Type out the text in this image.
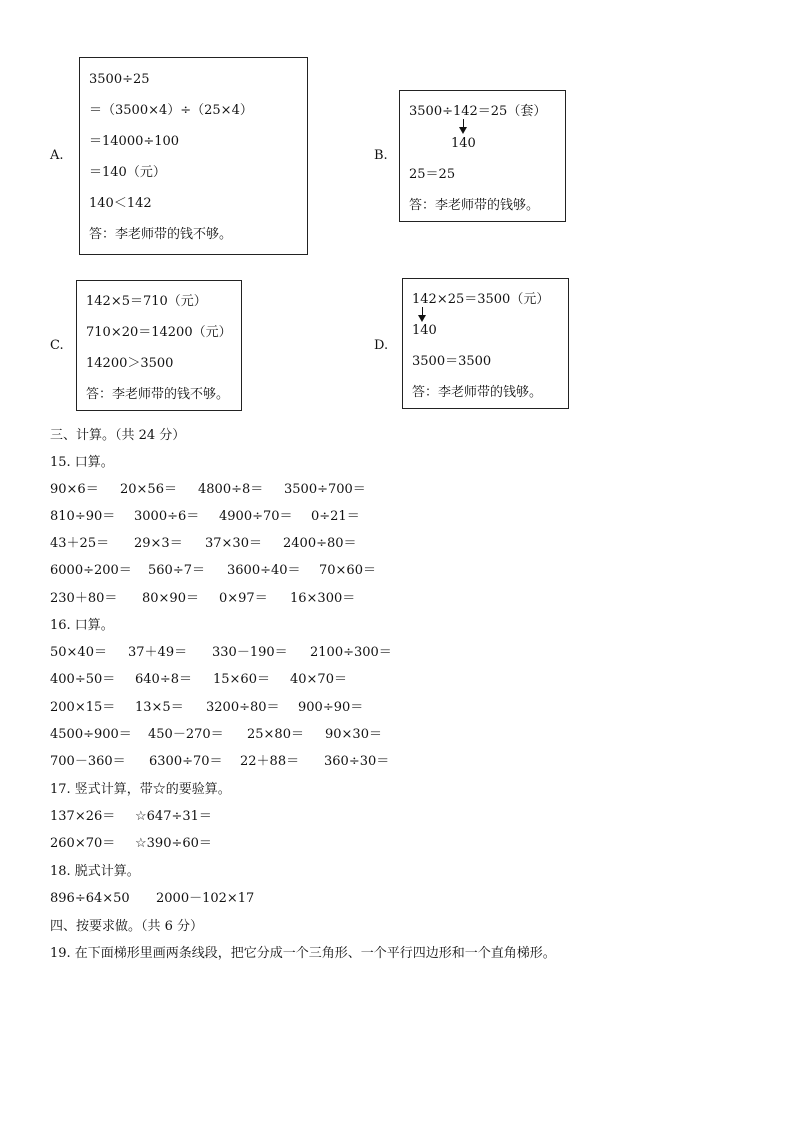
A.
3500÷25
＝（3500×4）÷（25×4）
＝14000÷100
＝140（元）
140＜142
答：李老师带的钱不够。
B.
3500÷142＝25（套）
140
25＝25
答：李老师带的钱够。
C.
142×5＝710（元）
710×20＝14200（元）
14200＞3500
答：李老师带的钱不够。
D.
142×25＝3500（元）
140
3500＝3500
答：李老师带的钱够。
三、计算。（共 24 分）
15. 口算。
90×6＝ 20×56＝ 4800÷8＝ 3500÷700＝
810÷90＝ 3000÷6＝ 4900÷70＝ 0÷21＝
43＋25＝ 29×3＝ 37×30＝ 2400÷80＝
6000÷200＝ 560÷7＝ 3600÷40＝ 70×60＝
230＋80＝ 80×90＝ 0×97＝ 16×300＝
16. 口算。
50×40＝ 37＋49＝ 330－190＝ 2100÷300＝
400÷50＝ 640÷8＝ 15×60＝ 40×70＝
200×15＝ 13×5＝ 3200÷80＝ 900÷90＝
4500÷900＝ 450－270＝ 25×80＝ 90×30＝
700－360＝ 6300÷70＝ 22＋88＝ 360÷30＝
17. 竖式计算，带☆的要验算。
137×26＝ ☆647÷31＝
260×70＝ ☆390÷60＝
18. 脱式计算。
896÷64×50 2000－102×17
四、按要求做。（共 6 分）
19. 在下面梯形里画两条线段，把它分成一个三角形、一个平行四边形和一个直角梯形。
